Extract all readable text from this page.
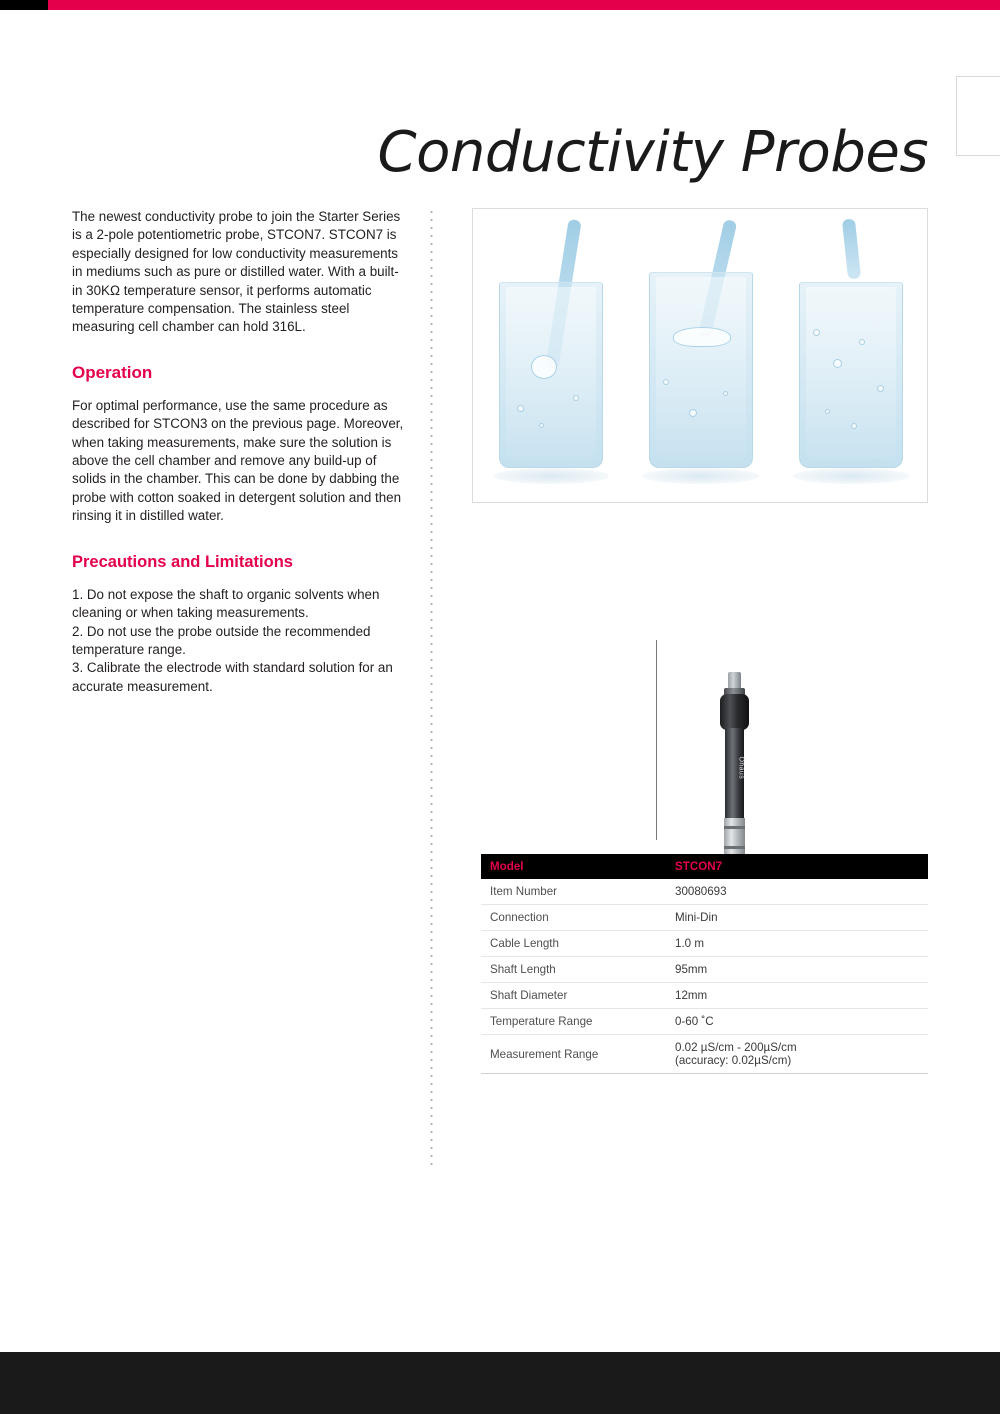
Conductivity Probes

The newest conductivity probe to join the Starter Series is a 2-pole potentiometric probe, STCON7. STCON7 is especially designed for low conductivity measurements in mediums such as pure or distilled water. With a built-in 30KΩ temperature sensor, it performs automatic temperature compensation. The stainless steel measuring cell chamber can hold 316L.

Operation

For optimal performance, use the same procedure as described for STCON3 on the previous page. Moreover, when taking measurements, make sure the solution is above the cell chamber and remove any build-up of solids in the chamber. This can be done by dabbing the probe with cotton soaked in detergent solution and then rinsing it in distilled water.

Precautions and Limitations

1. Do not expose the shaft to organic solvents when cleaning or when taking measurements.

2. Do not use the probe outside the recommended temperature range.

3. Calibrate the electrode with standard solution for an accurate measurement.

Ohaus
Model	STCON7
Item Number	30080693
Connection	Mini-Din
Cable Length	1.0 m
Shaft Length	95mm
Shaft Diameter	12mm
Temperature Range	0-60 ˚C
Measurement Range	0.02 µS/cm - 200µS/cm
(accuracy: 0.02µS/cm)
